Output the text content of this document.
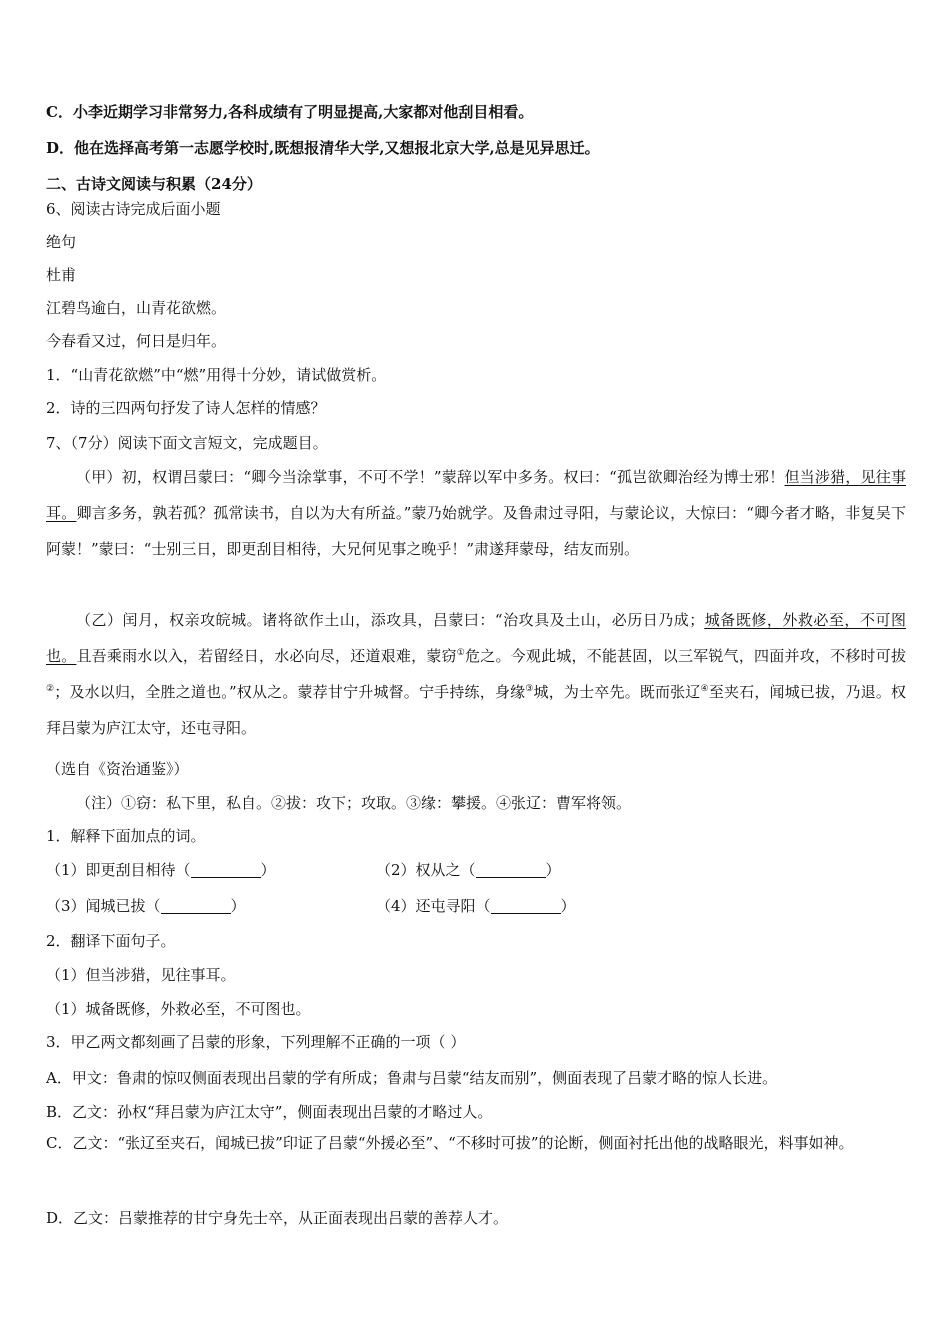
C．小李近期学习非常努力,各科成绩有了明显提高,大家都对他刮目相看。
D．他在选择高考第一志愿学校时,既想报清华大学,又想报北京大学,总是见异思迁。
二、古诗文阅读与积累（24分）
6、阅读古诗完成后面小题
绝句
杜甫
江碧鸟逾白，山青花欲燃。
今春看又过，何日是归年。
1．“山青花欲燃”中“燃”用得十分妙，请试做赏析。
2．诗的三四两句抒发了诗人怎样的情感？
7、（7分）阅读下面文言短文，完成题目。
（甲）初，权谓吕蒙曰：“卿今当涂掌事，不可不学！”蒙辞以军中多务。权曰：“孤岂欲卿治经为博士邪！但当涉猎，见往事耳。卿言多务，孰若孤？孤常读书，自以为大有所益。”蒙乃始就学。及鲁肃过寻阳，与蒙论议，大惊曰：“卿今者才略，非复吴下阿蒙！”蒙曰：“士别三日，即更刮目相待，大兄何见事之晚乎！”肃遂拜蒙母，结友而别。
（乙）闰月，权亲攻皖城。诸将欲作土山，添攻具，吕蒙曰：“治攻具及土山，必历日乃成；城备既修，外救必至，不可图也。且吾乘雨水以入，若留经日，水必向尽，还道艰难，蒙窃①危之。今观此城，不能甚固，以三军锐气，四面并攻，不移时可拔②；及水以归，全胜之道也。”权从之。蒙荐甘宁升城督。宁手持练，身缘③城，为士卒先。既而张辽④至夹石，闻城已拔，乃退。权拜吕蒙为庐江太守，还屯寻阳。
（选自《资治通鉴》）
（注）①窃：私下里，私自。②拔：攻下；攻取。③缘：攀援。④张辽：曹军将领。
1．解释下面加点的词。
（1）即更刮目相待（	）	（2）权从之（	）
（3）闻城已拔（	）	（4）还屯寻阳（	）
2．翻译下面句子。
（1）但当涉猎，见往事耳。
（1）城备既修，外救必至，不可图也。
3．甲乙两文都刻画了吕蒙的形象，下列理解不正确的一项（ ）
A．甲文：鲁肃的惊叹侧面表现出吕蒙的学有所成；鲁肃与吕蒙“结友而别”，侧面表现了吕蒙才略的惊人长进。
B．乙文：孙权“拜吕蒙为庐江太守”，侧面表现出吕蒙的才略过人。
C．乙文：“张辽至夹石，闻城已拔”印证了吕蒙“外援必至”、“不移时可拔”的论断，侧面衬托出他的战略眼光，料事如神。
D．乙文：吕蒙推荐的甘宁身先士卒，从正面表现出吕蒙的善荐人才。
